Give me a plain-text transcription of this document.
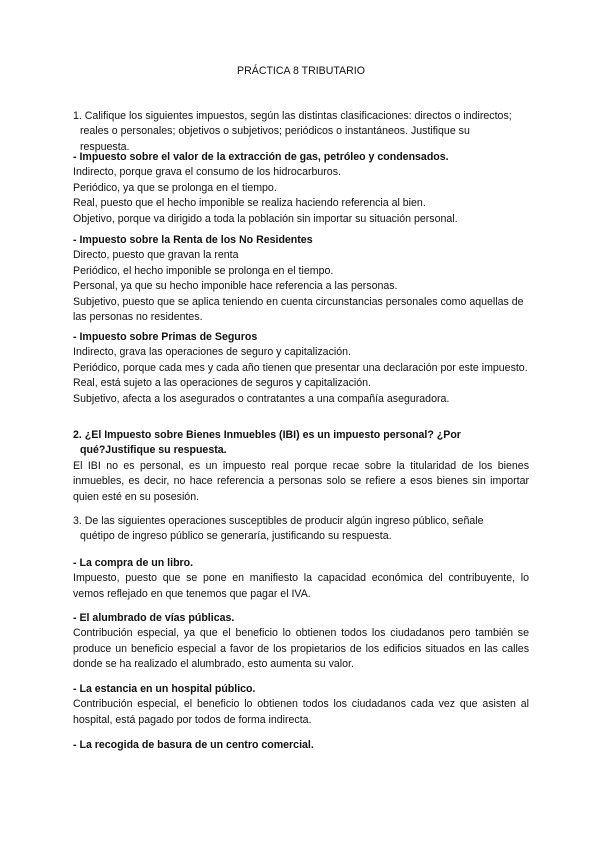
PRÁCTICA 8 TRIBUTARIO

1. Califique los siguientes impuestos, según las distintas clasificaciones: directos o indirectos;

reales o personales; objetivos o subjetivos; periódicos o instantáneos. Justifique su

respuesta.

- Impuesto sobre el valor de la extracción de gas, petróleo y condensados.

Indirecto, porque grava el consumo de los hidrocarburos.

Periódico, ya que se prolonga en el tiempo.

Real, puesto que el hecho imponible se realiza haciendo referencia al bien.

Objetivo, porque va dirigido a toda la población sin importar su situación personal.

- Impuesto sobre la Renta de los No Residentes

Directo, puesto que gravan la renta

Periódico, el hecho imponible se prolonga en el tiempo.

Personal, ya que su hecho imponible hace referencia a las personas.

Subjetivo, puesto que se aplica teniendo en cuenta circunstancias personales como aquellas de las personas no residentes.

- Impuesto sobre Primas de Seguros

Indirecto, grava las operaciones de seguro y capitalización.

Periódico, porque cada mes y cada año tienen que presentar una declaración por este impuesto.

Real, está sujeto a las operaciones de seguros y capitalización.

Subjetivo, afecta a los asegurados o contratantes a una compañía aseguradora.

2. ¿El Impuesto sobre Bienes Inmuebles (IBI) es un impuesto personal? ¿Por

qué?Justifique su respuesta.

El IBI no es personal, es un impuesto real porque recae sobre la titularidad de los bienes inmuebles, es decir, no hace referencia a personas solo se refiere a esos bienes sin importar quien esté en su posesión.

3. De las siguientes operaciones susceptibles de producir algún ingreso público, señale

quétipo de ingreso público se generaría, justificando su respuesta.

- La compra de un libro.

Impuesto, puesto que se pone en manifiesto la capacidad económica del contribuyente, lo vemos reflejado en que tenemos que pagar el IVA.

- El alumbrado de vías públicas.

Contribución especial, ya que el beneficio lo obtienen todos los ciudadanos pero también se produce un beneficio especial a favor de los propietarios de los edificios situados en las calles donde se ha realizado el alumbrado, esto aumenta su valor.

- La estancia en un hospital público.

Contribución especial, el beneficio lo obtienen todos los ciudadanos cada vez que asisten al hospital, está pagado por todos de forma indirecta.

- La recogida de basura de un centro comercial.
